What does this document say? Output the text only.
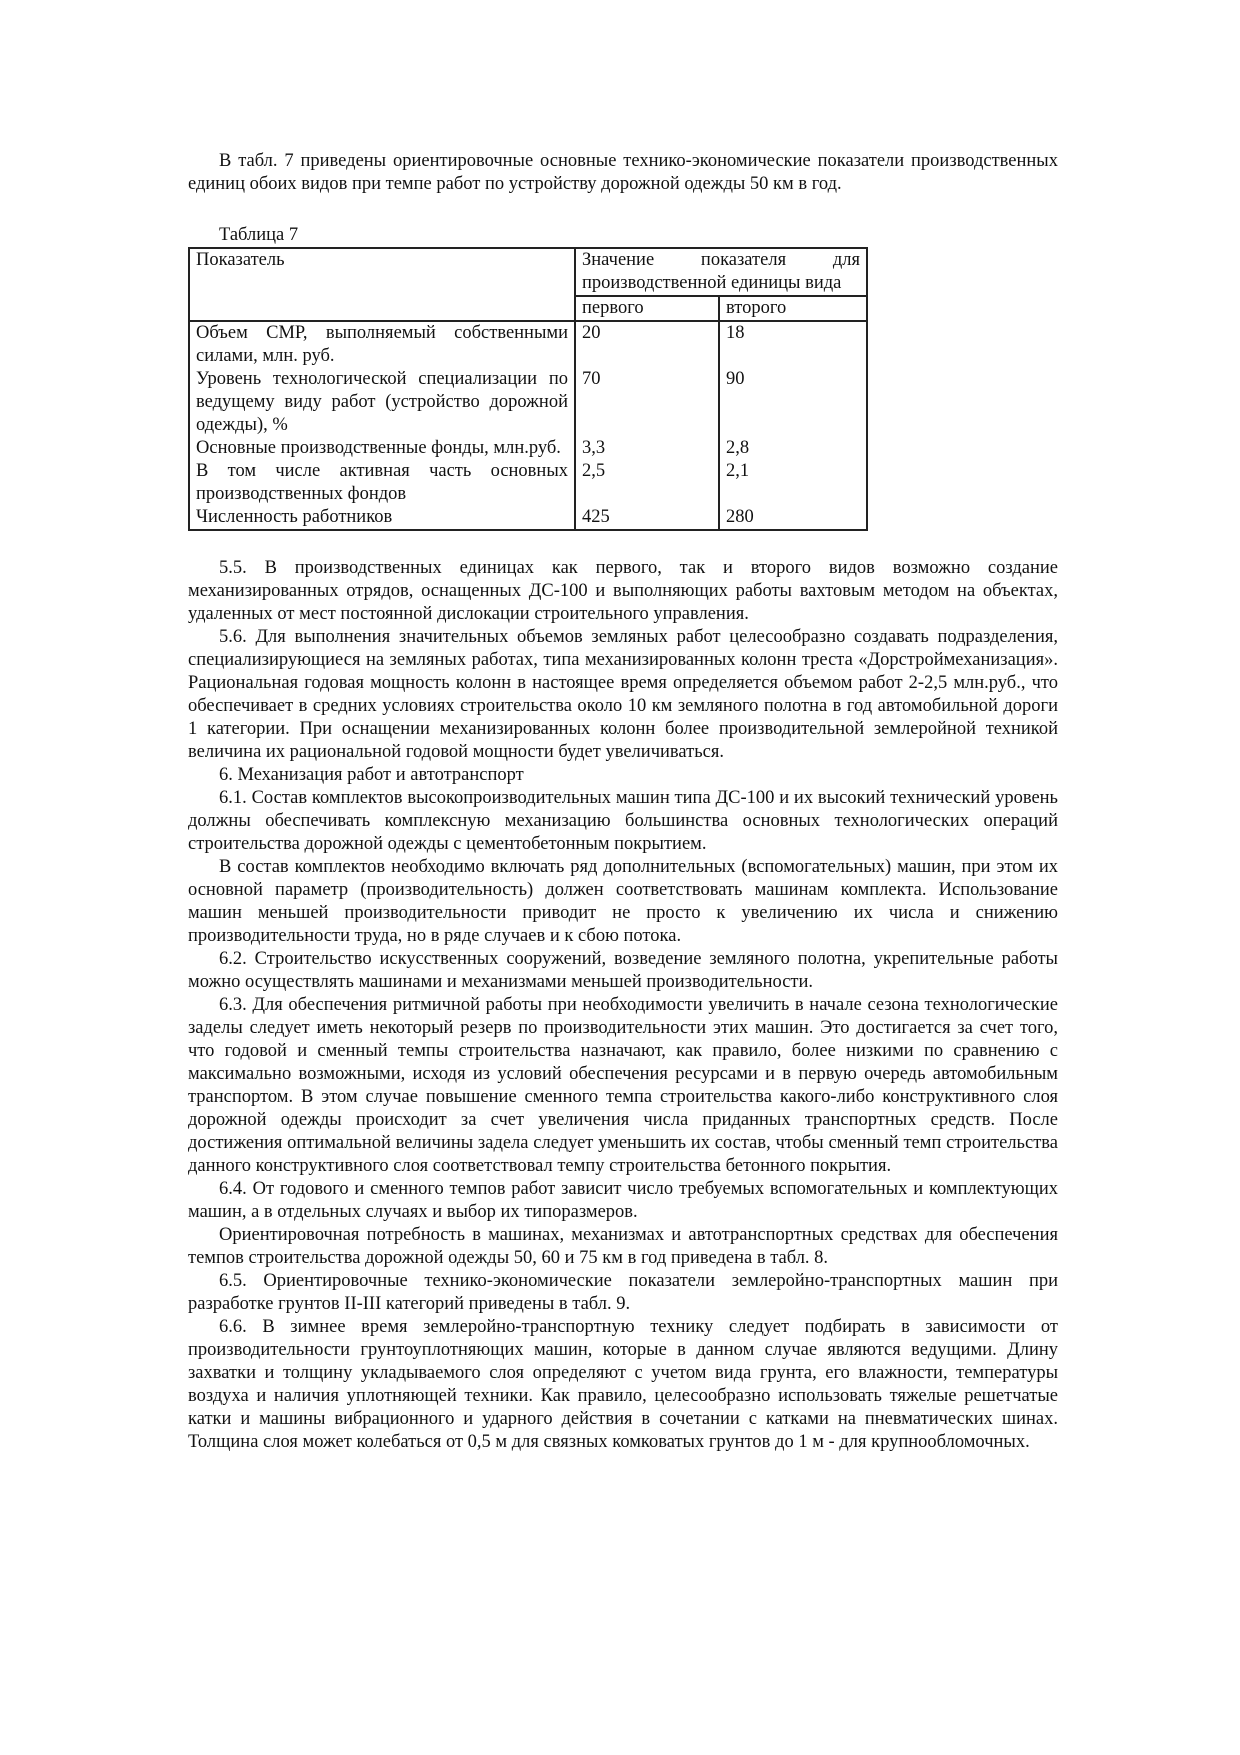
В табл. 7 приведены ориентировочные основные технико-экономические показатели производственных единиц обоих видов при темпе работ по устройству дорожной одежды 50 км в год.

Таблица 7

Показатель	Значение показателя для производственной единицы вида	
	первого	второго
Объем СМР, выполняемый собственными силами, млн. руб.	20	18
Уровень технологической специализации по ведущему виду работ (устройство дорожной одежды), %	70	90
Основные производственные фонды, млн.руб.	3,3	2,8
В том числе активная часть основных производственных фондов	2,5	2,1
Численность работников	425	280

5.5. В производственных единицах как первого, так и второго видов возможно создание механизированных отрядов, оснащенных ДС-100 и выполняющих работы вахтовым методом на объектах, удаленных от мест постоянной дислокации строительного управления.

5.6. Для выполнения значительных объемов земляных работ целесообразно создавать подразделения, специализирующиеся на земляных работах, типа механизированных колонн треста «Дорстроймеханизация». Рациональная годовая мощность колонн в настоящее время определяется объемом работ 2-2,5 млн.руб., что обеспечивает в средних условиях строительства около 10 км земляного полотна в год автомобильной дороги 1 категории. При оснащении механизированных колонн более производительной землеройной техникой величина их рациональной годовой мощности будет увеличиваться.

6. Механизация работ и автотранспорт

6.1. Состав комплектов высокопроизводительных машин типа ДС-100 и их высокий технический уровень должны обеспечивать комплексную механизацию большинства основных технологических операций строительства дорожной одежды с цементобетонным покрытием.

В состав комплектов необходимо включать ряд дополнительных (вспомогательных) машин, при этом их основной параметр (производительность) должен соответствовать машинам комплекта. Использование машин меньшей производительности приводит не просто к увеличению их числа и снижению производительности труда, но в ряде случаев и к сбою потока.

6.2. Строительство искусственных сооружений, возведение земляного полотна, укрепительные работы можно осуществлять машинами и механизмами меньшей производительности.

6.3. Для обеспечения ритмичной работы при необходимости увеличить в начале сезона технологические заделы следует иметь некоторый резерв по производительности этих машин. Это достигается за счет того, что годовой и сменный темпы строительства назначают, как правило, более низкими по сравнению с максимально возможными, исходя из условий обеспечения ресурсами и в первую очередь автомобильным транспортом. В этом случае повышение сменного темпа строительства какого-либо конструктивного слоя дорожной одежды происходит за счет увеличения числа приданных транспортных средств. После достижения оптимальной величины задела следует уменьшить их состав, чтобы сменный темп строительства данного конструктивного слоя соответствовал темпу строительства бетонного покрытия.

6.4. От годового и сменного темпов работ зависит число требуемых вспомогательных и комплектующих машин, а в отдельных случаях и выбор их типоразмеров.

Ориентировочная потребность в машинах, механизмах и автотранспортных средствах для обеспечения темпов строительства дорожной одежды 50, 60 и 75 км в год приведена в табл. 8.

6.5. Ориентировочные технико-экономические показатели землеройно-транспортных машин при разработке грунтов II-III категорий приведены в табл. 9.

6.6. В зимнее время землеройно-транспортную технику следует подбирать в зависимости от производительности грунтоуплотняющих машин, которые в данном случае являются ведущими. Длину захватки и толщину укладываемого слоя определяют с учетом вида грунта, его влажности, температуры воздуха и наличия уплотняющей техники. Как правило, целесообразно использовать тяжелые решетчатые катки и машины вибрационного и ударного действия в сочетании с катками на пневматических шинах. Толщина слоя может колебаться от 0,5 м для связных комковатых грунтов до 1 м - для крупнообломочных.
